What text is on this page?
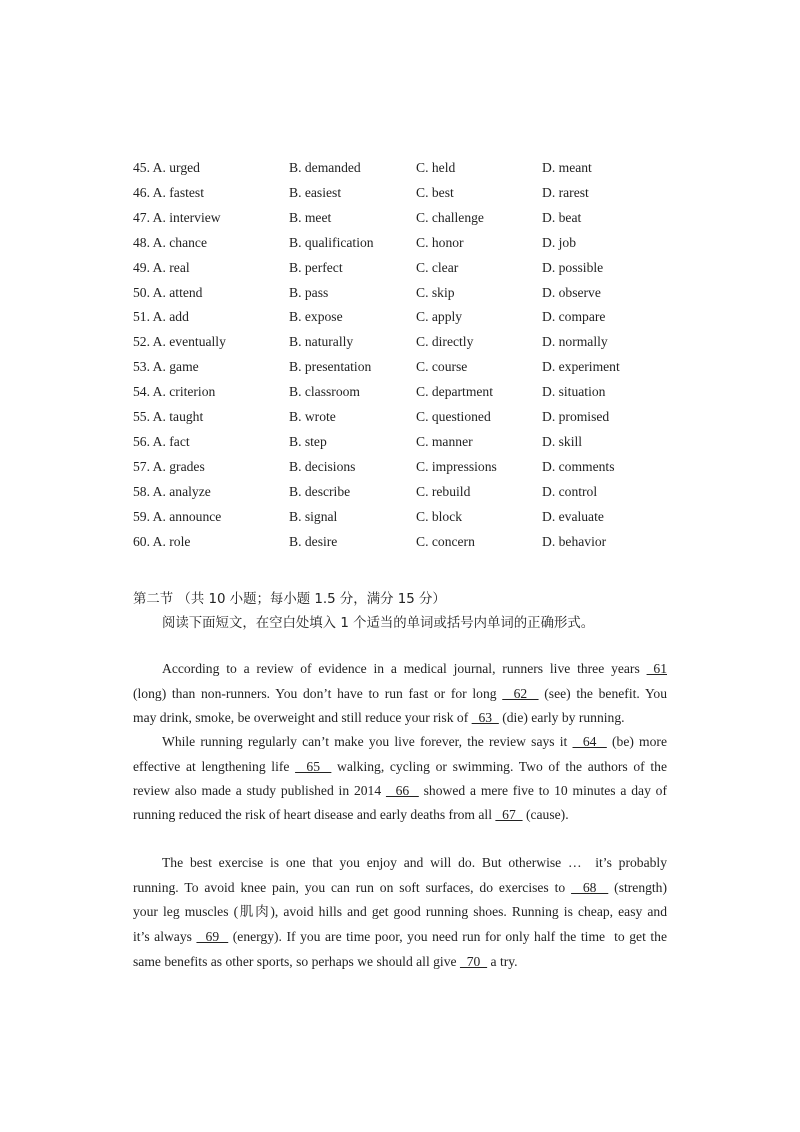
45. A. urged	B. demanded	C. held	D. meant
46. A. fastest	B. easiest	C. best	D. rarest
47. A. interview	B. meet	C. challenge	D. beat
48. A. chance	B. qualification	C. honor	D. job
49. A. real	B. perfect	C. clear	D. possible
50. A. attend	B. pass	C. skip	D. observe
51. A. add	B. expose	C. apply	D. compare
52. A. eventually	B. naturally	C. directly	D. normally
53. A. game	B. presentation	C. course	D. experiment
54. A. criterion	B. classroom	C. department	D. situation
55. A. taught	B. wrote	C. questioned	D. promised
56. A. fact	B. step	C. manner	D. skill
57. A. grades	B. decisions	C. impressions	D. comments
58. A. analyze	B. describe	C. rebuild	D. control
59. A. announce	B. signal	C. block	D. evaluate
60. A. role	B. desire	C. concern	D. behavior
第二节 （共 10 小题；每小题 1.5 分，满分 15 分）
阅读下面短文，在空白处填入 1 个适当的单词或括号内单词的正确形式。
According to a review of evidence in a medical journal, runners live three years  61
(long) than non-runners. You don’t have to run fast or for long   62   (see) the benefit. You
may drink, smoke, be overweight and still reduce your risk of   63   (die) early by running.
While running regularly can’t make you live forever, the review says it   64   (be) more
effective at lengthening life   65   walking, cycling or swimming. Two of the authors of the
review also made a study published in 2014   66   showed a mere five to 10 minutes a day of
running reduced the risk of heart disease and early deaths from all   67   (cause).
The best exercise is one that you enjoy and will do. But otherwise …  it’s probably
running. To avoid knee pain, you can run on soft surfaces, do exercises to   68   (strength)
your leg muscles (肌肉), avoid hills and get good running shoes. Running is cheap, easy and
it’s always   69   (energy). If you are time poor, you need run for only half the time  to get the
same benefits as other sports, so perhaps we should all give   70   a try.
